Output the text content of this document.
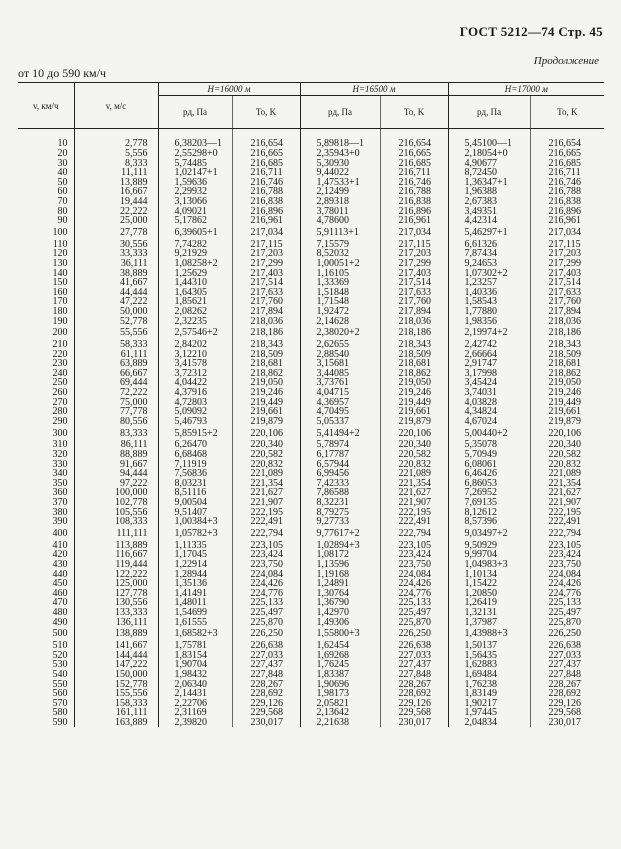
ГОСТ 5212—74 Стр. 45
Продолжение
от 10 до 590 км/ч
v, км/ч	v, м/с	H=16000 м		H=16500 м		H=17000 м	
		pд, Па	To, K	pд, Па	To, K	pд, Па	To, K
10	2,778	6,38203—1	216,654	5,89818—1	216,654	5,45100—1	216,654
20	5,556	2,55298+0	216,665	2,35943+0	216,665	2,18054+0	216,665
30	8,333	5,74485	216,685	5,30930	216,685	4,90677	216,685
40	11,111	1,02147+1	216,711	9,44022	216,711	8,72450	216,711
50	13,889	1,59636	216,746	1,47533+1	216,746	1,36347+1	216,746
60	16,667	2,29932	216,788	2,12499	216,788	1,96388	216,788
70	19,444	3,13066	216,838	2,89318	216,838	2,67383	216,838
80	22,222	4,09021	216,896	3,78011	216,896	3,49351	216,896
90	25,000	5,17862	216,961	4,78600	216,961	4,42314	216,961
100	27,778	6,39605+1	217,034	5,91113+1	217,034	5,46297+1	217,034
110	30,556	7,74282	217,115	7,15579	217,115	6,61326	217,115
120	33,333	9,21929	217,203	8,52032	217,203	7,87434	217,203
130	36,111	1,08258+2	217,299	1,00051+2	217,299	9,24653	217,299
140	38,889	1,25629	217,403	1,16105	217,403	1,07302+2	217,403
150	41,667	1,44310	217,514	1,33369	217,514	1,23257	217,514
160	44,444	1,64305	217,633	1,51848	217,633	1,40336	217,633
170	47,222	1,85621	217,760	1,71548	217,760	1,58543	217,760
180	50,000	2,08262	217,894	1,92472	217,894	1,77880	217,894
190	52,778	2,32235	218,036	2,14628	218,036	1,98356	218,036
200	55,556	2,57546+2	218,186	2,38020+2	218,186	2,19974+2	218,186
210	58,333	2,84202	218,343	2,62655	218,343	2,42742	218,343
220	61,111	3,12210	218,509	2,88540	218,509	2,66664	218,509
230	63,889	3,41578	218,681	3,15681	218,681	2,91747	218,681
240	66,667	3,72312	218,862	3,44085	218,862	3,17998	218,862
250	69,444	4,04422	219,050	3,73761	219,050	3,45424	219,050
260	72,222	4,37916	219,246	4,04715	219,246	3,74031	219,246
270	75,000	4,72803	219,449	4,36957	219,449	4,03828	219,449
280	77,778	5,09092	219,661	4,70495	219,661	4,34824	219,661
290	80,556	5,46793	219,879	5,05337	219,879	4,67024	219,879
300	83,333	5,85915+2	220,106	5,41494+2	220,106	5,00440+2	220,106
310	86,111	6,26470	220,340	5,78974	220,340	5,35078	220,340
320	88,889	6,68468	220,582	6,17787	220,582	5,70949	220,582
330	91,667	7,11919	220,832	6,57944	220,832	6,08061	220,832
340	94,444	7,56836	221,089	6,99456	221,089	6,46426	221,089
350	97,222	8,03231	221,354	7,42333	221,354	6,86053	221,354
360	100,000	8,51116	221,627	7,86588	221,627	7,26952	221,627
370	102,778	9,00504	221,907	8,32231	221,907	7,69135	221,907
380	105,556	9,51407	222,195	8,79275	222,195	8,12612	222,195
390	108,333	1,00384+3	222,491	9,27733	222,491	8,57396	222,491
400	111,111	1,05782+3	222,794	9,77617+2	222,794	9,03497+2	222,794
410	113,889	1,11335	223,105	1,02894+3	223,105	9,50929	223,105
420	116,667	1,17045	223,424	1,08172	223,424	9,99704	223,424
430	119,444	1,22914	223,750	1,13596	223,750	1,04983+3	223,750
440	122,222	1,28944	224,084	1,19168	224,084	1,10134	224,084
450	125,000	1,35136	224,426	1,24891	224,426	1,15422	224,426
460	127,778	1,41491	224,776	1,30764	224,776	1,20850	224,776
470	130,556	1,48011	225,133	1,36790	225,133	1,26419	225,133
480	133,333	1,54699	225,497	1,42970	225,497	1,32131	225,497
490	136,111	1,61555	225,870	1,49306	225,870	1,37987	225,870
500	138,889	1,68582+3	226,250	1,55800+3	226,250	1,43988+3	226,250
510	141,667	1,75781	226,638	1,62454	226,638	1,50137	226,638
520	144,444	1,83154	227,033	1,69268	227,033	1,56435	227,033
530	147,222	1,90704	227,437	1,76245	227,437	1,62883	227,437
540	150,000	1,98432	227,848	1,83387	227,848	1,69484	227,848
550	152,778	2,06340	228,267	1,90696	228,267	1,76238	228,267
560	155,556	2,14431	228,692	1,98173	228,692	1,83149	228,692
570	158,333	2,22706	229,126	2,05821	229,126	1,90217	229,126
580	161,111	2,31169	229,568	2,13642	229,568	1,97445	229,568
590	163,889	2,39820	230,017	2,21638	230,017	2,04834	230,017
